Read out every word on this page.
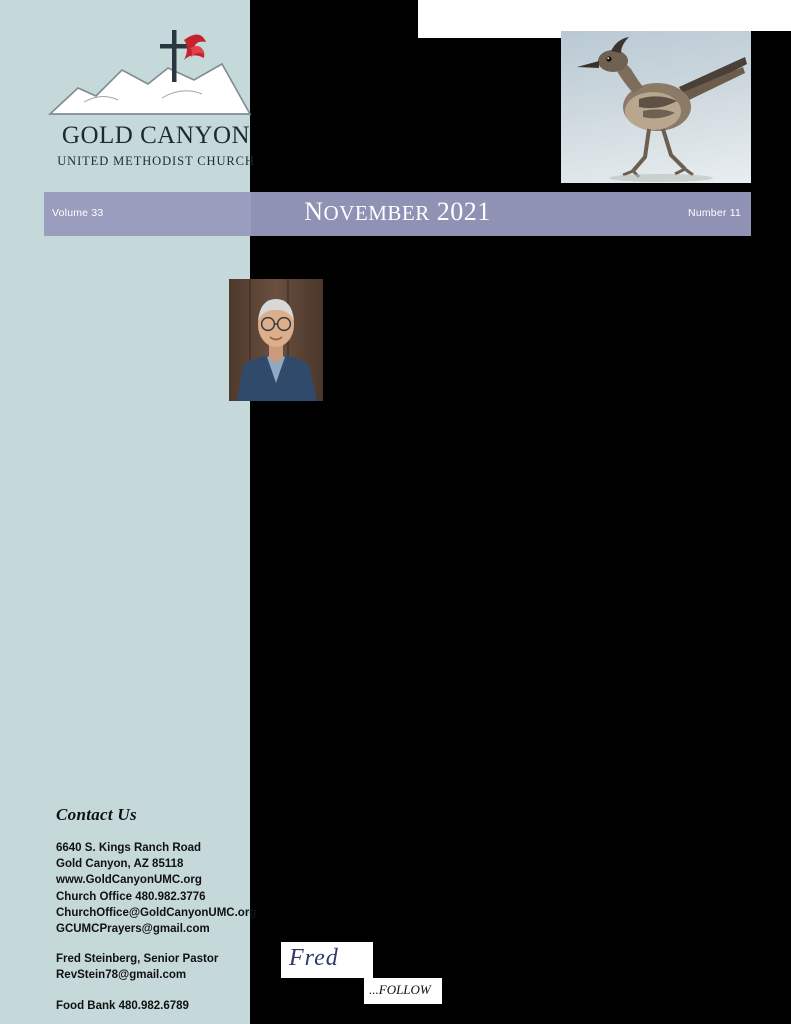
GOLD CANYON
UNITED METHODIST CHURCH
Volume 33	NOVEMBER 2021	Number 11
Contact Us
6640 S. Kings Ranch Road
Gold Canyon, AZ 85118
www.GoldCanyonUMC.org
Church Office 480.982.3776
ChurchOffice@GoldCanyonUMC.org
GCUMCPrayers@gmail.com
Fred Steinberg, Senior Pastor
RevStein78@gmail.com
Food Bank 480.982.6789
Fred
...FOLLOW
